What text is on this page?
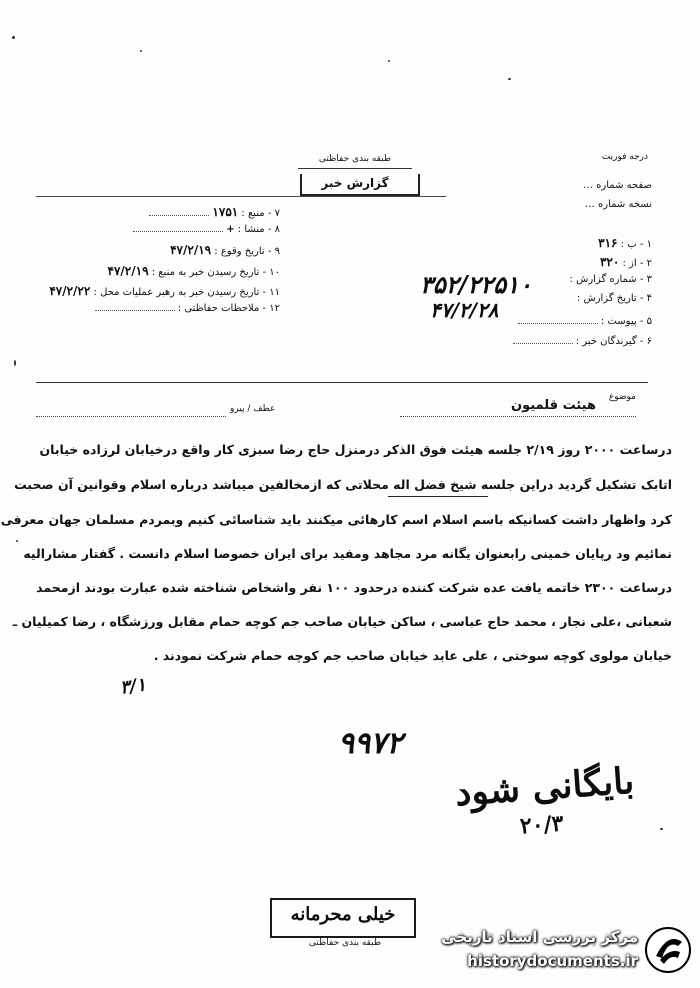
درجه فوریت
طبقه بندی حفاظتی
گزارش خبر
۷ - منبع : ۱۷۵۱
۸ - منشا : +
۹ - تاریخ وقوع : ۴۷/۲/۱۹
۱۰ - تاریخ رسیدن خبر به منبع : ۴۷/۲/۱۹
۱۱ - تاریخ رسیدن خبر به رهبر عملیات محل : ۴۷/۲/۲۲
۱۲ - ملاحظات حفاظتی :
صفحه شماره …
نسخه شماره …
۱ - ب : ۳۱۶
۲ - از : ۳۲۰
۳ - شماره گزارش :
۴ - تاریخ گزارش :
۵ - پیوست :
۶ - گیرندگان خبر :
۳۵۲/۲۲۵۱۰
۴۷/۲/۲۸
موضوع
هیئت قلمیون
عطف / پیرو
درساعت ۲۰۰۰ روز ۲/۱۹ جلسه هیئت فوق الذکر درمنزل حاج رضا سبزی کار واقع درخیابان لرزاده خیابان
اتابک تشکیل گردید دراین جلسه شیخ فضل اله محلاتی که ازمخالفین میباشد درباره اسلام وقوانین آن صحبت
کرد واظهار داشت کسانیکه باسم اسلام اسم کارهائی میکنند باید شناسائی کنیم وبمردم مسلمان جهان معرفی
نمائیم ود رپایان خمینی رابعنوان یگانه مرد مجاهد ومفید برای ایران خصوصا اسلام دانست . گفتار مشارالیه
درساعت ۲۳۰۰ خاتمه یافت عده شرکت کننده درحدود ۱۰۰ نفر واشخاص شناخته شده عبارت بودند ازمحمد
شعبانی ،علی نجار ، محمد حاج عباسی ، ساکن خیابان صاحب جم کوچه حمام مقابل ورزشگاه ، رضا کمیلیان ـ
خیابان مولوی کوچه سوختی ، علی عابد خیابان صاحب جم کوچه حمام شرکت نمودند .
۳/۱
۹۹۷۲
بایگانی شود
۲۰/۳
خیلی محرمانه
طبقه بندی حفاظتی	مرکز بررسی اسناد تاریخی
historydocuments.ir
